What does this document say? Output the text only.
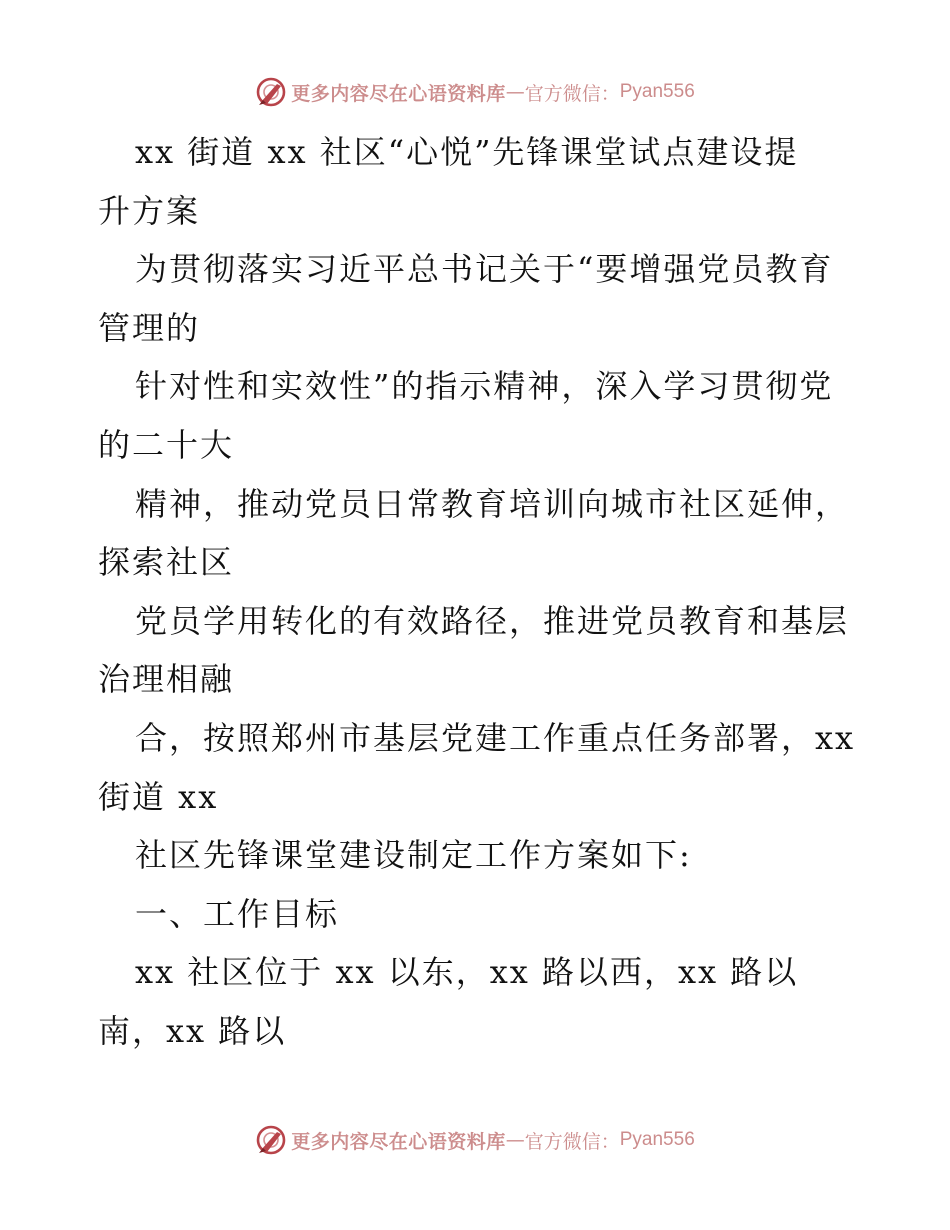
更多内容尽在心语资料库 — 官方微信： Pyan556

xx 街道 xx 社区“心悦”先锋课堂试点建设提

升方案

为贯彻落实习近平总书记关于“要增强党员教育

管理的

针对性和实效性”的指示精神，深入学习贯彻党

的二十大

精神，推动党员日常教育培训向城市社区延伸，

探索社区

党员学用转化的有效路径，推进党员教育和基层

治理相融

合，按照郑州市基层党建工作重点任务部署，xx

街道 xx

社区先锋课堂建设制定工作方案如下:

一、工作目标

xx 社区位于 xx 以东，xx 路以西，xx 路以

南，xx 路以

更多内容尽在心语资料库 — 官方微信： Pyan556
